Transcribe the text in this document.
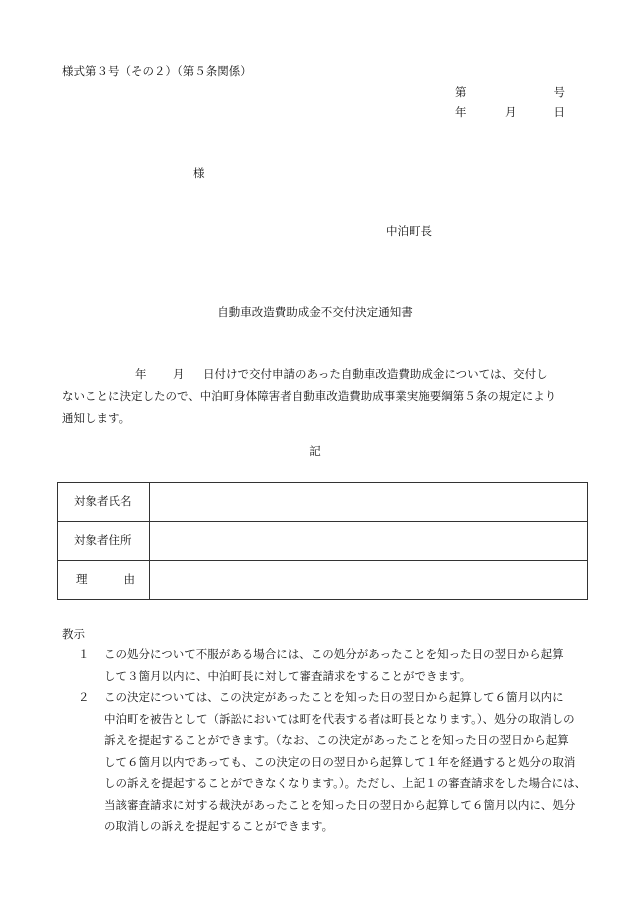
様式第３号（その２）（第５条関係）
第	号
年	月	日
様
中泊町長
自動車改造費助成金不交付決定通知書
年 月 日付けで交付申請のあった自動車改造費助成金については、交付し
ないことに決定したので、中泊町身体障害者自動車改造費助成事業実施要綱第５条の規定により
通知します。
記
対象者氏名	
対象者住所	

理 由	

教示
１ この処分について不服がある場合には、この処分があったことを知った日の翌日から起算
して３箇月以内に、中泊町長に対して審査請求をすることができます。
２ この決定については、この決定があったことを知った日の翌日から起算して６箇月以内に
中泊町を被告として（訴訟においては町を代表する者は町長となります。）、処分の取消しの
訴えを提起することができます。（なお、この決定があったことを知った日の翌日から起算
して６箇月以内であっても、この決定の日の翌日から起算して１年を経過すると処分の取消
しの訴えを提起することができなくなります。）。ただし、上記１の審査請求をした場合には、
当該審査請求に対する裁決があったことを知った日の翌日から起算して６箇月以内に、処分
の取消しの訴えを提起することができます。
